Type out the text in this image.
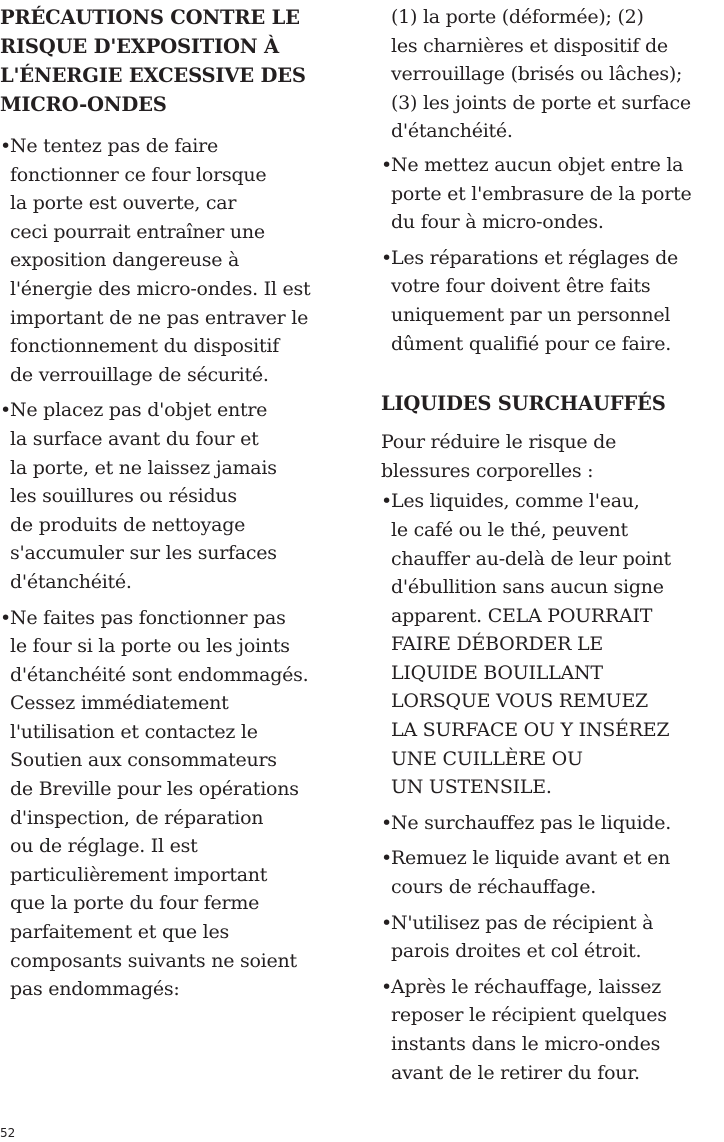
PRÉCAUTIONS CONTRE LE
RISQUE D'EXPOSITION À
L'ÉNERGIE EXCESSIVE DES
MICRO-ONDES
• Ne tentez pas de faire
fonctionner ce four lorsque
la porte est ouverte, car
ceci pourrait entraîner une
exposition dangereuse à
l'énergie des micro-ondes. Il est
important de ne pas entraver le
fonctionnement du dispositif
de verrouillage de sécurité.
• Ne placez pas d'objet entre
la surface avant du four et
la porte, et ne laissez jamais
les souillures ou résidus
de produits de nettoyage
s'accumuler sur les surfaces
d'étanchéité.
• Ne faites pas fonctionner pas
le four si la porte ou les joints
d'étanchéité sont endommagés.
Cessez immédiatement
l'utilisation et contactez le
Soutien aux consommateurs
de Breville pour les opérations
d'inspection, de réparation
ou de réglage. Il est
particulièrement important
que la porte du four ferme
parfaitement et que les
composants suivants ne soient
pas endommagés:

(1) la porte (déformée); (2)
les charnières et dispositif de
verrouillage (brisés ou lâches);
(3) les joints de porte et surface
d'étanchéité.

• Ne mettez aucun objet entre la
porte et l'embrasure de la porte
du four à micro-ondes.
• Les réparations et réglages de
votre four doivent être faits
uniquement par un personnel
dûment qualifié pour ce faire.
LIQUIDES SURCHAUFFÉS

Pour réduire le risque de
blessures corporelles :

• Les liquides, comme l'eau,
le café ou le thé, peuvent
chauffer au-delà de leur point
d'ébullition sans aucun signe
apparent. CELA POURRAIT
FAIRE DÉBORDER LE
LIQUIDE BOUILLANT
LORSQUE VOUS REMUEZ
LA SURFACE OU Y INSÉREZ
UNE CUILLÈRE OU
UN USTENSILE.
• Ne surchauffez pas le liquide.
• Remuez le liquide avant et en
cours de réchauffage.
• N'utilisez pas de récipient à
parois droites et col étroit.
• Après le réchauffage, laissez
reposer le récipient quelques
instants dans le micro-ondes
avant de le retirer du four.
52
